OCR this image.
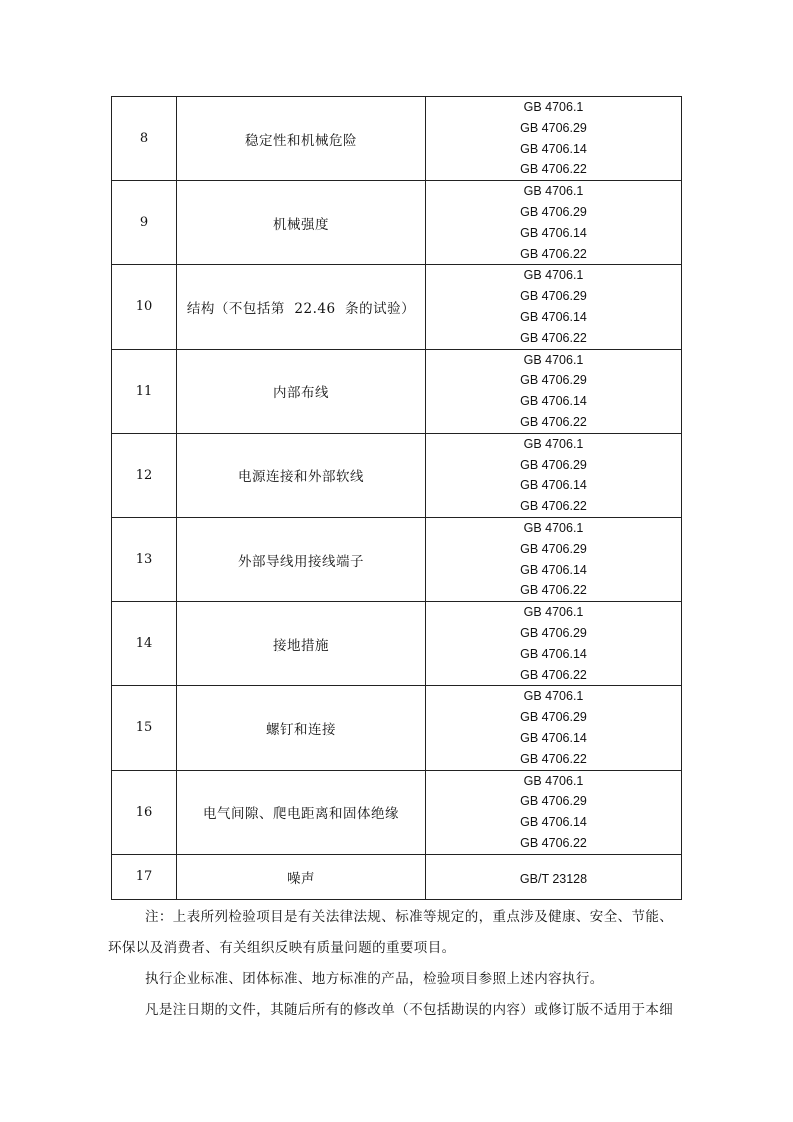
8	稳定性和机械危险	GB 4706.1
GB 4706.29
GB 4706.14
GB 4706.22

9	机械强度	GB 4706.1
GB 4706.29
GB 4706.14
GB 4706.22

10	结构（不包括第  22.46  条的试验）	GB 4706.1
GB 4706.29
GB 4706.14
GB 4706.22

11	内部布线	GB 4706.1
GB 4706.29
GB 4706.14
GB 4706.22

12	电源连接和外部软线	GB 4706.1
GB 4706.29
GB 4706.14
GB 4706.22

13	外部导线用接线端子	GB 4706.1
GB 4706.29
GB 4706.14
GB 4706.22

14	接地措施	GB 4706.1
GB 4706.29
GB 4706.14
GB 4706.22

15	螺钉和连接	GB 4706.1
GB 4706.29
GB 4706.14
GB 4706.22

16	电气间隙、爬电距离和固体绝缘	GB 4706.1
GB 4706.29
GB 4706.14
GB 4706.22

17	噪声	GB/T 23128

注：上表所列检验项目是有关法律法规、标准等规定的，重点涉及健康、安全、节能、

环保以及消费者、有关组织反映有质量问题的重要项目。

执行企业标准、团体标准、地方标准的产品，检验项目参照上述内容执行。

凡是注日期的文件，其随后所有的修改单（不包括勘误的内容）或修订版不适用于本细
